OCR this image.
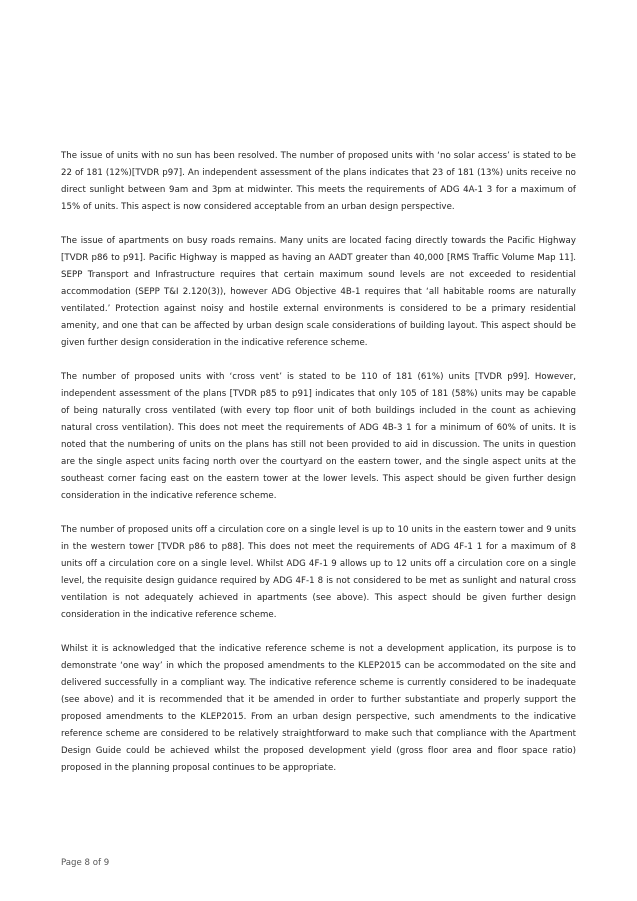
The issue of units with no sun has been resolved. The number of proposed units with ‘no solar access’ is stated to be 22 of 181 (12%)[TVDR p97]. An independent assessment of the plans indicates that 23 of 181 (13%) units receive no direct sunlight between 9am and 3pm at midwinter. This meets the requirements of ADG 4A-1 3 for a maximum of 15% of units. This aspect is now considered acceptable from an urban design perspective.

The issue of apartments on busy roads remains. Many units are located facing directly towards the Pacific Highway [TVDR p86 to p91]. Pacific Highway is mapped as having an AADT greater than 40,000 [RMS Traffic Volume Map 11]. SEPP Transport and Infrastructure requires that certain maximum sound levels are not exceeded to residential accommodation (SEPP T&I 2.120(3)), however ADG Objective 4B-1 requires that ‘all habitable rooms are naturally ventilated.’ Protection against noisy and hostile external environments is considered to be a primary residential amenity, and one that can be affected by urban design scale considerations of building layout. This aspect should be given further design consideration in the indicative reference scheme.

The number of proposed units with ‘cross vent’ is stated to be 110 of 181 (61%) units [TVDR p99]. However, independent assessment of the plans [TVDR p85 to p91] indicates that only 105 of 181 (58%) units may be capable of being naturally cross ventilated (with every top floor unit of both buildings included in the count as achieving natural cross ventilation). This does not meet the requirements of ADG 4B-3 1 for a minimum of 60% of units. It is noted that the numbering of units on the plans has still not been provided to aid in discussion. The units in question are the single aspect units facing north over the courtyard on the eastern tower, and the single aspect units at the southeast corner facing east on the eastern tower at the lower levels. This aspect should be given further design consideration in the indicative reference scheme.

The number of proposed units off a circulation core on a single level is up to 10 units in the eastern tower and 9 units in the western tower [TVDR p86 to p88]. This does not meet the requirements of ADG 4F-1 1 for a maximum of 8 units off a circulation core on a single level. Whilst ADG 4F-1 9 allows up to 12 units off a circulation core on a single level, the requisite design guidance required by ADG 4F-1 8 is not considered to be met as sunlight and natural cross ventilation is not adequately achieved in apartments (see above). This aspect should be given further design consideration in the indicative reference scheme.

Whilst it is acknowledged that the indicative reference scheme is not a development application, its purpose is to demonstrate ‘one way’ in which the proposed amendments to the KLEP2015 can be accommodated on the site and delivered successfully in a compliant way. The indicative reference scheme is currently considered to be inadequate (see above) and it is recommended that it be amended in order to further substantiate and properly support the proposed amendments to the KLEP2015. From an urban design perspective, such amendments to the indicative reference scheme are considered to be relatively straightforward to make such that compliance with the Apartment Design Guide could be achieved whilst the proposed development yield (gross floor area and floor space ratio) proposed in the planning proposal continues to be appropriate.

Page 8 of 9
